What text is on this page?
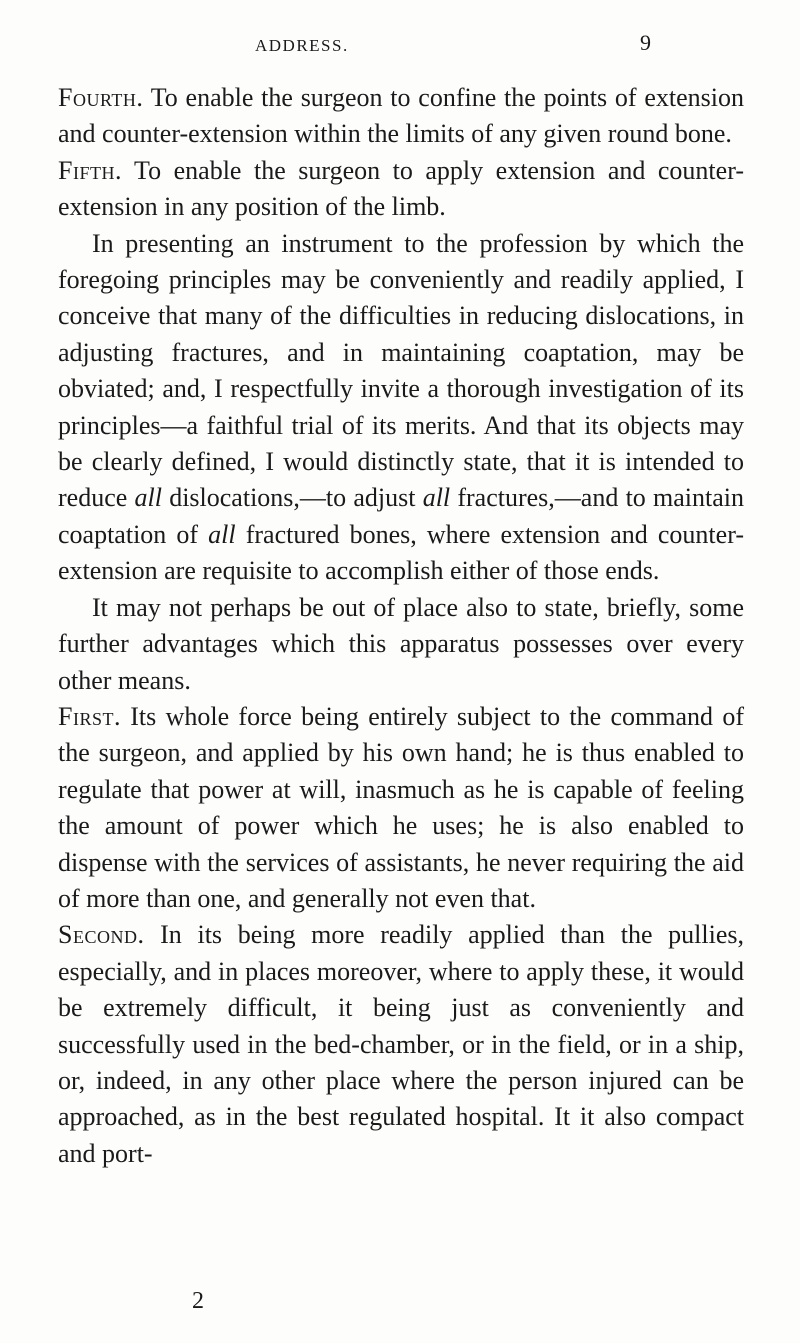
ADDRESS.	9

Fourth. To enable the surgeon to confine the points of extension and counter-extension within the limits of any given round bone.

Fifth. To enable the surgeon to apply extension and counter-extension in any position of the limb.

In presenting an instrument to the profession by which the foregoing principles may be conveniently and readily applied, I conceive that many of the difficulties in reducing dislocations, in adjusting fractures, and in maintaining coaptation, may be obviated; and, I respectfully invite a thorough investigation of its principles—a faithful trial of its merits. And that its objects may be clearly defined, I would distinctly state, that it is intended to reduce all dislocations,—to adjust all fractures,—and to maintain coaptation of all fractured bones, where extension and counter-extension are requisite to accomplish either of those ends.

It may not perhaps be out of place also to state, briefly, some further advantages which this apparatus possesses over every other means.

First. Its whole force being entirely subject to the command of the surgeon, and applied by his own hand; he is thus enabled to regulate that power at will, inasmuch as he is capable of feeling the amount of power which he uses; he is also enabled to dispense with the services of assistants, he never requiring the aid of more than one, and generally not even that.

Second. In its being more readily applied than the pullies, especially, and in places moreover, where to apply these, it would be extremely difficult, it being just as conveniently and successfully used in the bed-chamber, or in the field, or in a ship, or, indeed, in any other place where the person injured can be approached, as in the best regulated hospital. It it also compact and port-

2
